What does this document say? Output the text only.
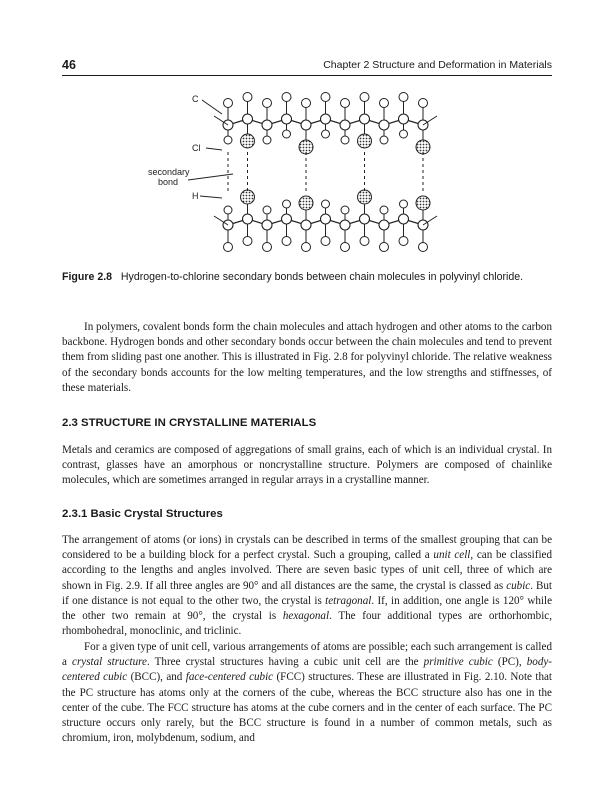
46	Chapter 2 Structure and Deformation in Materials
C
Cl
secondary
bond
H
Figure 2.8 Hydrogen-to-chlorine secondary bonds between chain molecules in polyvinyl chloride.

In polymers, covalent bonds form the chain molecules and attach hydrogen and other atoms to the carbon backbone. Hydrogen bonds and other secondary bonds occur between the chain molecules and tend to prevent them from sliding past one another. This is illustrated in Fig. 2.8 for polyvinyl chloride. The relative weakness of the secondary bonds accounts for the low melting temperatures, and the low strengths and stiffnesses, of these materials.

2.3 STRUCTURE IN CRYSTALLINE MATERIALS

Metals and ceramics are composed of aggregations of small grains, each of which is an individual crystal. In contrast, glasses have an amorphous or noncrystalline structure. Polymers are composed of chainlike molecules, which are sometimes arranged in regular arrays in a crystalline manner.

2.3.1 Basic Crystal Structures

The arrangement of atoms (or ions) in crystals can be described in terms of the smallest grouping that can be considered to be a building block for a perfect crystal. Such a grouping, called a unit cell, can be classified according to the lengths and angles involved. There are seven basic types of unit cell, three of which are shown in Fig. 2.9. If all three angles are 90° and all distances are the same, the crystal is classed as cubic. But if one distance is not equal to the other two, the crystal is tetragonal. If, in addition, one angle is 120° while the other two remain at 90°, the crystal is hexagonal. The four additional types are orthorhombic, rhombohedral, monoclinic, and triclinic.

For a given type of unit cell, various arrangements of atoms are possible; each such arrangement is called a crystal structure. Three crystal structures having a cubic unit cell are the primitive cubic (PC), body-centered cubic (BCC), and face-centered cubic (FCC) structures. These are illustrated in Fig. 2.10. Note that the PC structure has atoms only at the corners of the cube, whereas the BCC structure also has one in the center of the cube. The FCC structure has atoms at the cube corners and in the center of each surface. The PC structure occurs only rarely, but the BCC structure is found in a number of common metals, such as chromium, iron, molybdenum, sodium, and
